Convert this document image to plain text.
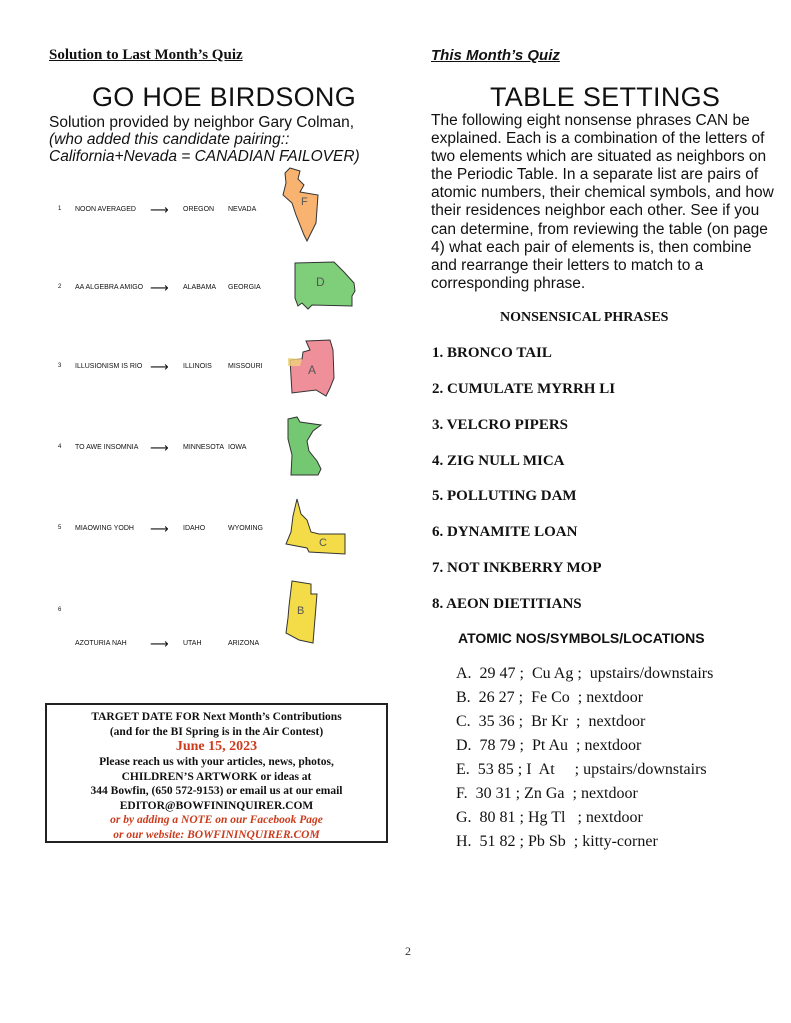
Solution to Last Month’s Quiz
GO HOE BIRDSONG
Solution provided by neighbor Gary Colman,
(who added this candidate pairing::
California+Nevada = CANADIAN FAILOVER)
1 NOON AVERAGED ⟶ OREGON NEVADA
2 AA ALGEBRA AMIGO ⟶ ALABAMA GEORGIA
3 ILLUSIONISM IS RIO ⟶ ILLINOIS MISSOURI
4 TO AWE INSOMNIA ⟶ MINNESOTA IOWA
5 MIAOWING YODH ⟶ IDAHO	WYOMING
6
AZOTURIA NAH ⟶ UTAH	ARIZONA
F
D
A
C
B
TARGET DATE FOR Next Month’s Contributions
(and for the BI Spring is in the Air Contest)
June 15, 2023
Please reach us with your articles, news, photos,
CHILDREN’S ARTWORK or ideas at
344 Bowfin, (650 572-9153) or email us at our email
EDITOR@BOWFININQUIRER.COM
or by adding a NOTE on our Facebook Page
or our website: BOWFININQUIRER.COM
This Month’s Quiz
TABLE SETTINGS
The following eight nonsense phrases CAN be explained. Each is a combination of the letters of two elements which are situated as neighbors on the Periodic Table. In a separate list are pairs of atomic numbers, their chemical symbols, and how their residences neighbor each other. See if you can determine, from reviewing the table (on page 4) what each pair of elements is, then combine and rearrange their letters to match to a corresponding phrase.
NONSENSICAL PHRASES
1. BRONCO TAIL
2. CUMULATE MYRRH LI
3. VELCRO PIPERS
4. ZIG NULL MICA
5. POLLUTING DAM
6. DYNAMITE LOAN
7. NOT INKBERRY MOP
8. AEON DIETITIANS
ATOMIC NOS/SYMBOLS/LOCATIONS
A.  29 47 ;  Cu Ag ;  upstairs/downstairs
B.  26 27 ;  Fe Co  ; nextdoor
C.  35 36 ;  Br Kr  ;  nextdoor
D.  78 79 ;  Pt Au  ; nextdoor
E.  53 85 ; I  At     ; upstairs/downstairs
F.  30 31 ; Zn Ga  ; nextdoor
G.  80 81 ; Hg Tl   ; nextdoor
H.  51 82 ; Pb Sb  ; kitty-corner
2
